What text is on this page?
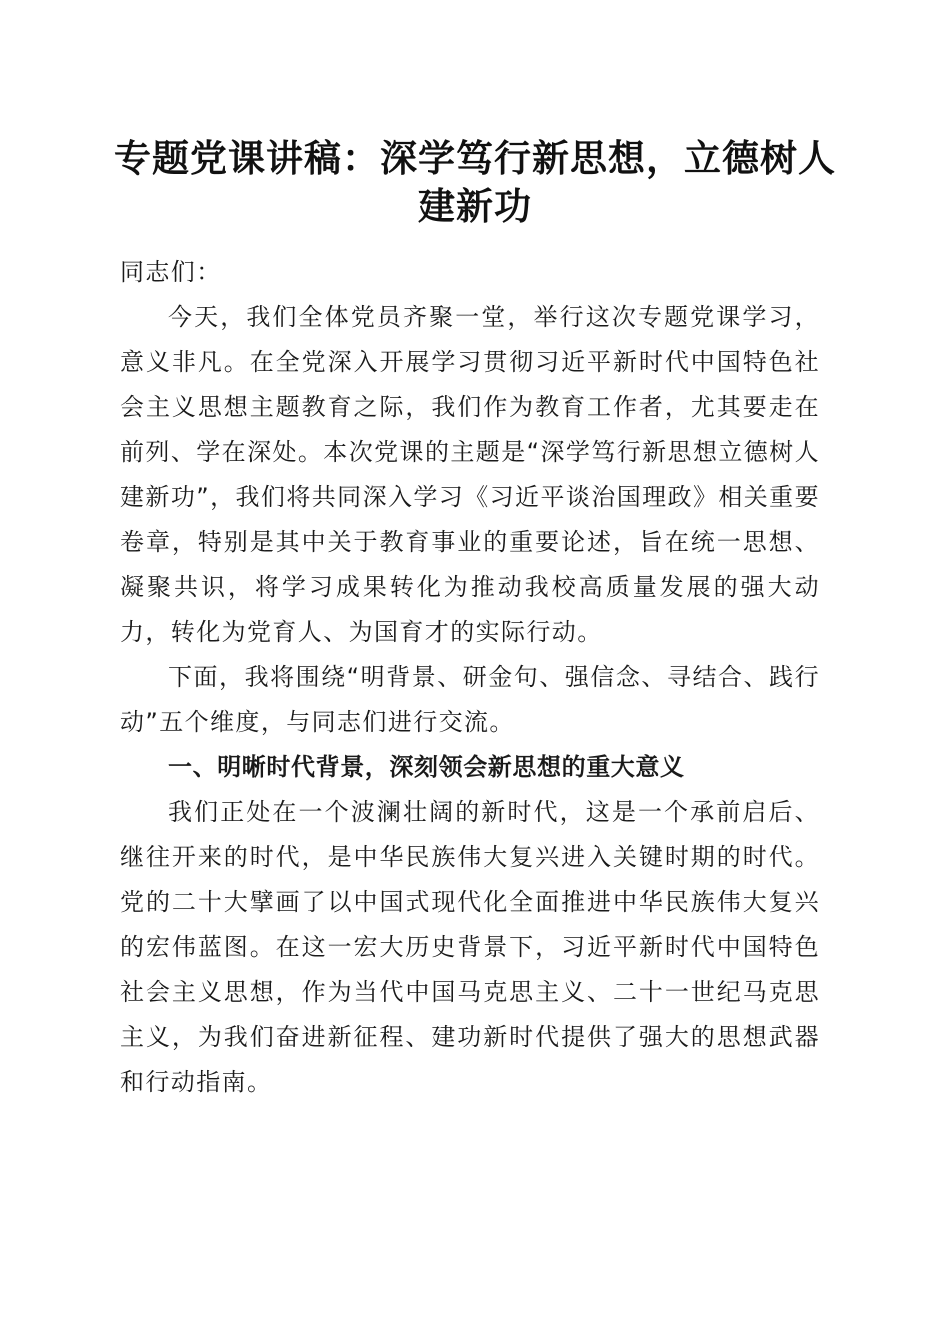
专题党课讲稿：深学笃行新思想，立德树人建新功

同志们：

今天，我们全体党员齐聚一堂，举行这次专题党课学习，意义非凡。在全党深入开展学习贯彻习近平新时代中国特色社会主义思想主题教育之际，我们作为教育工作者，尤其要走在前列、学在深处。本次党课的主题是“深学笃行新思想立德树人建新功”，我们将共同深入学习《习近平谈治国理政》相关重要卷章，特别是其中关于教育事业的重要论述，旨在统一思想、凝聚共识，将学习成果转化为推动我校高质量发展的强大动力，转化为党育人、为国育才的实际行动。

下面，我将围绕“明背景、研金句、强信念、寻结合、践行动”五个维度，与同志们进行交流。

一、明晰时代背景，深刻领会新思想的重大意义

我们正处在一个波澜壮阔的新时代，这是一个承前启后、继往开来的时代，是中华民族伟大复兴进入关键时期的时代。党的二十大擘画了以中国式现代化全面推进中华民族伟大复兴的宏伟蓝图。在这一宏大历史背景下，习近平新时代中国特色社会主义思想，作为当代中国马克思主义、二十一世纪马克思主义，为我们奋进新征程、建功新时代提供了强大的思想武器和行动指南。
